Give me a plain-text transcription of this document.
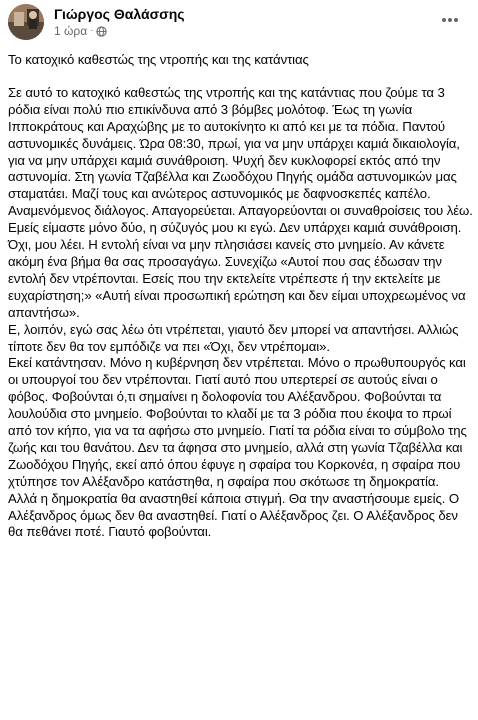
Γιώργος Θαλάσσης
1 ώρα ·

Το κατοχικό καθεστώς της ντροπής και της κατάντιας

Σε αυτό το κατοχικό καθεστώς της ντροπής και της κατάντιας που ζούμε τα 3 ρόδια είναι πολύ πιο επικίνδυνα από 3 βόμβες μολότοφ. Έως τη γωνία Ιπποκράτους και Αραχώβης με το αυτοκίνητο κι από κει με τα πόδια. Παντού αστυνομικές δυνάμεις. Ώρα 08:30, πρωί, για να μην υπάρχει καμιά δικαιολογία, για να μην υπάρχει καμιά συνάθροιση. Ψυχή δεν κυκλοφορεί εκτός από την αστυνομία. Στη γωνία Τζαβέλλα και Ζωοδόχου Πηγής ομάδα αστυνομικών μας σταματάει. Μαζί τους και ανώτερος αστυνομικός με δαφνοσκεπές καπέλο. Αναμενόμενος διάλογος. Απαγορεύεται. Απαγορεύονται οι συναθροίσεις του λέω. Εμείς είμαστε μόνο δύο, η σύζυγός μου κι εγώ. Δεν υπάρχει καμιά συνάθροιση. Όχι, μου λέει. Η εντολή είναι να μην πλησιάσει κανείς στο μνημείο. Αν κάνετε ακόμη ένα βήμα θα σας προσαγάγω. Συνεχίζω «Αυτοί που σας έδωσαν την εντολή δεν ντρέπονται. Εσείς που την εκτελείτε ντρέπεστε ή την εκτελείτε με ευχαρίστηση;» «Αυτή είναι προσωπική ερώτηση και δεν είμαι υποχρεωμένος να απαντήσω».

Ε, λοιπόν, εγώ σας λέω ότι ντρέπεται, γιαυτό δεν μπορεί να απαντήσει. Αλλιώς τίποτε δεν θα τον εμπόδιζε να πει «Όχι, δεν ντρέπομαι».

Εκεί κατάντησαν. Μόνο η κυβέρνηση δεν ντρέπεται. Μόνο ο πρωθυπουργός και οι υπουργοί του δεν ντρέπονται. Γιατί αυτό που υπερτερεί σε αυτούς είναι ο φόβος. Φοβούνται ό,τι σημαίνει η δολοφονία του Αλέξανδρου. Φοβούνται τα λουλούδια στο μνημείο. Φοβούνται το κλαδί με τα 3 ρόδια που έκοψα το πρωί από τον κήπο, για να τα αφήσω στο μνημείο. Γιατί τα ρόδια είναι το σύμβολο της ζωής και του θανάτου. Δεν τα άφησα στο μνημείο, αλλά στη γωνία Τζαβέλλα και Ζωοδόχου Πηγής, εκεί από όπου έφυγε η σφαίρα του Κορκονέα, η σφαίρα που χτύπησε τον Αλέξανδρο κατάστηθα, η σφαίρα που σκότωσε τη δημοκρατία.

Αλλά η δημοκρατία θα αναστηθεί κάποια στιγμή. Θα την αναστήσουμε εμείς. Ο Αλέξανδρος όμως δεν θα αναστηθεί. Γιατί ο Αλέξανδρος ζει. Ο Αλέξανδρος δεν θα πεθάνει ποτέ. Γιαυτό φοβούνται.
